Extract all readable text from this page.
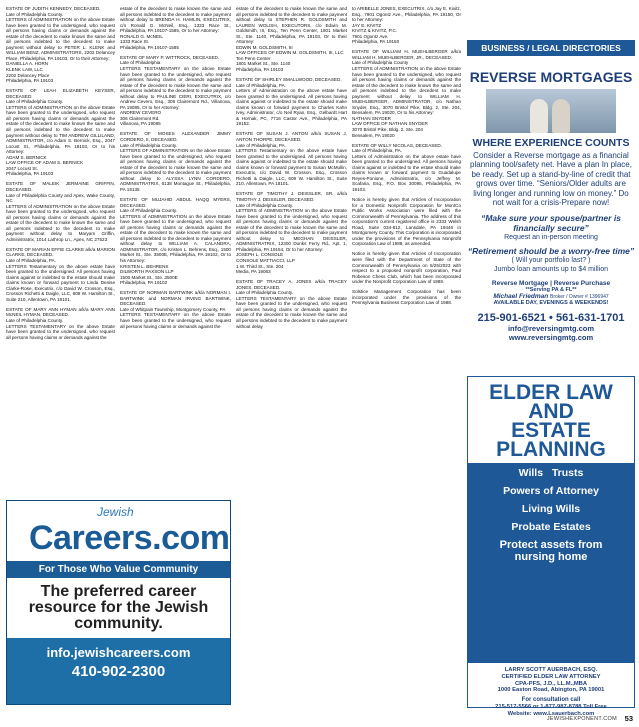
ESTATE OF JUDITH KENNEDY, DECEASED.
Late of Philadelphia County.
LETTERS of ADMINISTRATION on the above Estate have been granted to the undersigned, who request all persons having claims or demands against the estate of the decedent to make known the same and all persons indebted to the decedent to make payment without delay to PETER L. KLENK and WILLIAM BENZ, ADMINISTRATORS, 2202 Delancey Place, Philadelphia, PA 19103, Or to their Attorney:
DANIELLA A. HORN
KLENK LAW, LLC
2202 Delancey Place
Philadelphia, PA 19103

ESTATE OF LEAH ELIZABETH KEYSER, DECEASED.
Late of Philadelphia County.
LETTERS of ADMINISTRATION on the above Estate have been granted to the undersigned, who request all persons having claims or demands against the estate of the decedent to make known the same and all persons indebted to the decedent to make payment without delay to TIM ANDREW GILLILAND, ADMINISTRATOR, c/o Adam S. Bernick, Esq., 2047 Locust St., Philadelphia, PA 19103, Or to his Attorney:
ADAM S. BERNICK
LAW OFFICE OF ADAM S. BERNICK
2047 Locust St.
Philadelphia, PA 19103

ESTATE OF MALEIK JERMAINE GRIFFIN, DECEASED.
Late of Philadelphia County and Apex, Wake County, NC
LETTERS of ADMINISTRATION on the above Estate have been granted to the undersigned, who request all persons having claims or demands against the estate of the decedent to make known the same and all persons indebted to the decedent to make payment without delay to Maryam Griffin, Administratrix, 1014 Lathrop Ln., Apex, NC 27523

ESTATE OF MARIAN EFFIE CLARKE a/k/a MARION CLARKE, DECEASED.
Late of Philadelphia, PA.
LETTERS Testamentary on the above estate have been granted to the undersigned. All persons having claims against or indebted to the estate should make claims known or forward payment to Linda Denise Clarke-Rose, Executrix, c/o David W. Crosson, Esq., Crosson Richetti & Daigle, LLC, 609 W. Hamilton St., Suite 210, Allentown, PA 18101.

ESTATE OF MARY ANN HYMAN a/k/a MARY ANN McNEIL HYMAN, DECEASED.
Late of Philadelphia County.
LETTERS TESTAMENTARY on the above Estate have been granted to the undersigned, who request all persons having claims or demands against the

estate of the decedent to make known the same and all persons indebted to the decedent to make payment without delay to BRENDA H. HAMLIN, EXECUTRIX, c/o Ronald G. McNeil, Esq., 1333 Race St., Philadelphia, PA 19107-1585, Or to her Attorney:
RONALD G. McNEIL
1333 Race St.
Philadelphia, PA 19107-1585

ESTATE OF MARY P. WITTROCK, DECEASED.
Late of Philadelphia
LETTERS TESTAMENTARY on the above Estate have been granted to the undersigned, who request all persons having claims or demands against the estate of the decedent to make known the same and all persons indebted to the decedent to make payment without delay to PAULINE CIERI, EXECUTRIX, c/o Andrew Cevero, Esq., 306 Clairemont Rd., Villanova, PA 19085, Or to her Attorney:
ANDREW CEVERO
306 Clairemont Rd.
Villanova, PA 19085

ESTATE OF MOSES ALEXANDER JIMMY CORDERO, II, DECEASED.
Late of Philadelphia County.
LETTERS OF ADMINISTRATION on the above Estate have been granted to the undersigned, who request all persons having claims or demands against the estate of the decedent to make known the same and all persons indebted to the decedent to make payment without delay to ALYSSA LYNN CORDERO, ADMINISTRATRIX, 6138 Montague St., Philadelphia, PA 19135

ESTATE OF MUJAHID ABDUL HAQQ MYERS, DECEASED.
Late of Philadelphia County.
LETTERS of ADMINISTRATION on the above Estate have been granted to the undersigned, who request all persons having claims or demands against the estate of the decedent to make known the same and all persons indebted to the decedent to make payment without delay to WILLIAM A. CALANDRA, ADMINISTRATOR, c/o Kristen L. Behrens, Esq., 1500 Market St., Ste. 3500E, Philadelphia, PA 19102, Or to his Attorney:
KRISTEN L. BEHRENS
DILWORTH PAXSON LLP
1500 Market St., Ste. 3500E
Philadelphia, PA 19102

ESTATE OF NORMAN BARTWINK a/k/a NORMAN I. BARTWINK and NORMAN IRVING BARTWINK, DECEASED.
Late of Whitpain Township, Montgomery County, PA
LETTERS TESTAMENTARY on the above Estate have been granted to the undersigned, who request all persons having claims or demands against the

estate of the decedent to make known the same and all persons indebted to the decedent to make payment without delay to STEPHEN R. GOLDSMITH and LAUREN WOLISH, EXECUTORS, c/o Edwin M. Goldsmith, III, Esq., Ten Penn Center, 1801 Market St., Ste. 1140, Philadelphia, PA 19103, Or to their Attorney:
EDWIN M. GOLDSMITH, III
LAW OFFICES OF EDWIN M. GOLDSMITH, III, LLC
Ten Penn Center
1801 Market St., Ste. 1140
Philadelphia, PA 19103

ESTATE OF SHIRLEY SMALLWOOD, DECEASED.
Late of Philadelphia, PA.
Letters of Administration on the above estate have been granted to the undersigned. All persons having claims against or indebted to the estate should make claims known or forward payment to Charles Kahn Ivey, Administrator, c/o Neil Ryan, Esq., Gelbardt Hart & Hornak, PC, 7716 Castor Ave., Philadelphia, PA 19152.

ESTATE OF SUSAN J. ANTON a/k/a SUSAN J. ANTON THORPE, DECEASED.
Late of Philadelphia, PA.
LETTERS Testamentary on the above estate have been granted to the undersigned. All persons having claims against or indebted to the estate should make claims known or forward payment to Susan McMullin, Executrix, c/o David W. Crosson, Esq., Crosson Richetti & Daigle, LLC, 609 W. Hamilton St., Suite 210, Allentown, PA 18101.

ESTATE OF TIMOTHY J. DEISSLER, SR. a/k/a TIMOTHY J. DEISSLER, DECEASED.
Late of Philadelphia County.
LETTERS of ADMINISTRATION on the above Estate have been granted to the undersigned, who request all persons having claims or demands against the estate of the decedent to make known the same and all persons indebted to the decedent to make payment without delay to MEGHAN DEISSLER, ADMINISTRATRIX, 12300 Dunks Ferry Rd., Apt. 1, Philadelphia, PA 19154, Or to her Attorney:
JOSEPH L. CONSOLE
CONSOLE MATTIACCI, LLP
1 W. Third St., Ste. 204
Media, PA 19063

ESTATE OF TRACEY A. JONES a/k/a TRACEY JONES, DECEASED.
Late of Philadelphia County.
LETTERS TESTAMENTARY on the above Estate have been granted to the undersigned, who request all persons having claims or demands against the estate of the decedent to make known the same and all persons indebted to the decedent to make payment without delay

to ARIBELLE JONES, EXECUTRIX, c/o Jay E. Kivitz, Esq., 7901 Ogontz Ave., Philadelphia, PA 19150, Or to her Attorney:
JAY E. KIVITZ
KIVITZ & KIVITZ, P.C.
7901 Ogontz Ave.
Philadelphia, PA 19150

ESTATE OF WILLIAM H. MUEHLBERGER a/k/a WILLIAM H. MUEHLBERGER, JR., DECEASED.
Late of Philadelphia County
LETTERS of ADMINISTRATION on the above Estate have been granted to the undersigned, who request all persons having claims or demands against the estate of the decedent to make known the same and all persons indebted to the decedent to make payment without delay to WILLIAM H. MUEHLBERGER, ADMINISTRATOR, c/o Nathan Snyder, Esq., 3070 Bristol Pike, Bldg. 2, Ste. 204, Bensalem, PA 19020, Or to his Attorney:
NATHAN SNYDER
LAW OFFICE OF NATHAN SNYDER
3070 Bristol Pike, Bldg. 2, Ste. 204
Bensalem, PA 19020

ESTATE OF WILLY NICOLAS, DECEASED.
Late of Philadelphia, PA.
Letters of Administration on the above estate have been granted to the undersigned. All persons having claims against or indebted to the estate should make claims known or forward payment to Guadalupe Reyes-Ponione, Administratrix, c/o Jeffrey M. Scafaria, Esq., P.O. Box 30095, Philadelphia, PA 19103.

Notice is hereby given that Articles of Incorporation for a Domestic Nonprofit Corporation for MontCo Public Works Association were filed with the Commonwealth of Pennsylvania. The address of this corporation's current registered office is 2333 Welsh Road, Suite 034-812, Lansdale, PA 19446 in Montgomery County. This Corporation is incorporated under the provisions of the Pennsylvania Nonprofit Corporation Law of 1988, as amended.

Notice is hereby given that Articles of Incorporation were filed with the Department of State of the Commonwealth of Pennsylvania on 5/25/2023 with respect to a proposed nonprofit corporation, Paul Robeson Chess Club, which has been incorporated under the Nonprofit Corporation Law of 1988.

Solstice Management Corporation has been incorporated under the provisions of the Pennsylvania Business Corporation Law of 1988.

Jewish
Careers.com
For Those Who Value Community
The preferred career resource for the Jewish community.
info.jewishcareers.com
410-902-2300
BUSINESS / LEGAL DIRECTORIES
REVERSE MORTGAGES
WHERE EXPERIENCE COUNTS
Consider a Reverse mortgage as a financial planning tool/safety net. Have a plan In place, be ready. Set up a stand-by-line of credit that grows over time. “Seniors/Older adults are living longer and running low on money.” Do not wait for a crisis-Prepare now!
“Make sure your spouse/partner is financially secure”
Request an in-person meeting
“Retirement should be a worry-free time”
( Will your portfolio last? )
Jumbo loan amounts up to $4 million
Reverse Mortgage | Reverse Purchase
**Serving PA & FL**
Michael Friedman Broker / Owner # 1396947
AVAILABLE DAY, EVENINGS & WEEKENDS!
215-901-6521 • 561-631-1701
info@reversingmtg.com
www.reversingmtg.com
ELDER LAW
AND
ESTATE
PLANNING
Wills   Trusts
Powers of Attorney
Living Wills
Probate Estates
Protect assets from nursing home
LARRY SCOTT AUERBACH, ESQ.
CERTIFIED ELDER LAW ATTORNEY
CPA-PFS, J.D., LL.M.,MBA
1000 Easton Road, Abington, PA 19001
For consultation call
215-517-5566 or 1-877-987-8788 Toll Free
Website: www.Lsauerbach.com
JEWISHEXPONENT.COM 53
